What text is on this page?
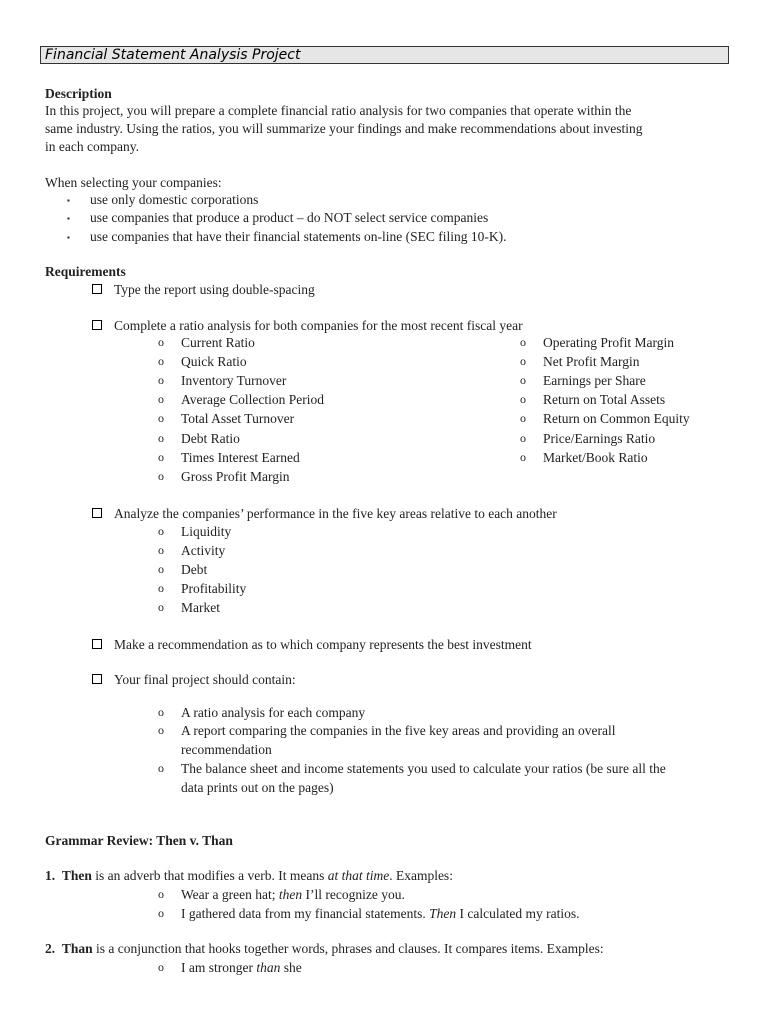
Financial Statement Analysis Project
Description
In this project, you will prepare a complete financial ratio analysis for two companies that operate within the
same industry. Using the ratios, you will summarize your findings and make recommendations about investing
in each company.
When selecting your companies:
▪ use only domestic corporations
▪ use companies that produce a product – do NOT select service companies
▪ use companies that have their financial statements on-line (SEC filing 10-K).
Requirements
Type the report using double-spacing
Complete a ratio analysis for both companies for the most recent fiscal year
o Current Ratio
o Quick Ratio
o Inventory Turnover
o Average Collection Period
o Total Asset Turnover
o Debt Ratio
o Times Interest Earned
o Gross Profit Margin
o Operating Profit Margin
o Net Profit Margin
o Earnings per Share
o Return on Total Assets
o Return on Common Equity
o Price/Earnings Ratio
o Market/Book Ratio
Analyze the companies’ performance in the five key areas relative to each another
o Liquidity
o Activity
o Debt
o Profitability
o Market
Make a recommendation as to which company represents the best investment
Your final project should contain:
o A ratio analysis for each company
o A report comparing the companies in the five key areas and providing an overall
recommendation
o The balance sheet and income statements you used to calculate your ratios (be sure all the
data prints out on the pages)
Grammar Review: Then v. Than
1. Then is an adverb that modifies a verb. It means at that time. Examples:
o Wear a green hat; then I’ll recognize you.
o I gathered data from my financial statements. Then I calculated my ratios.
2. Than is a conjunction that hooks together words, phrases and clauses. It compares items. Examples:
o I am stronger than she
